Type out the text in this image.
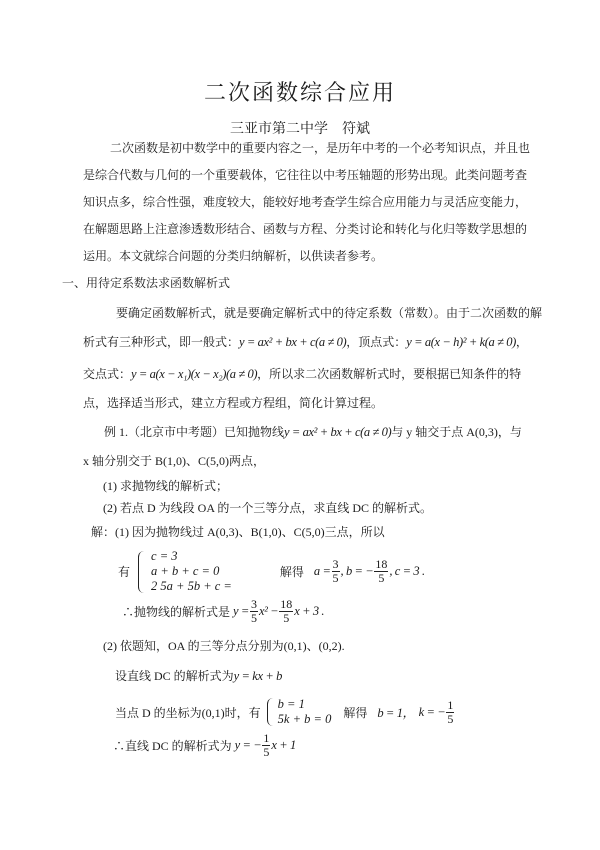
二次函数综合应用
三亚市第二中学　符斌
二次函数是初中数学中的重要内容之一，是历年中考的一个必考知识点，并且也
是综合代数与几何的一个重要载体，它往往以中考压轴题的形势出现。此类问题考查
知识点多，综合性强，难度较大，能较好地考查学生综合应用能力与灵活应变能力，
在解题思路上注意渗透数形结合、函数与方程、分类讨论和转化与化归等数学思想的
运用。本文就综合问题的分类归纳解析，以供读者参考。
一、用待定系数法求函数解析式
要确定函数解析式，就是要确定解析式中的待定系数（常数）。由于二次函数的解
析式有三种形式，即一般式：y = ax² + bx + c(a ≠ 0)，顶点式：y = a(x − h)² + k(a ≠ 0)，
交点式：y = a(x − x₁)(x − x₂)(a ≠ 0)，所以求二次函数解析式时，要根据已知条件的特
点，选择适当形式，建立方程或方程组，简化计算过程。
例 1.（北京市中考题）已知抛物线y = ax² + bx + c(a ≠ 0)与 y 轴交于点 A(0,3)，与
x 轴分别交于 B(1,0)、C(5,0)两点，
(1) 求抛物线的解析式；
(2) 若点 D 为线段 OA 的一个三等分点，求直线 DC 的解析式。
解：(1) 因为抛物线过 A(0,3)、B(1,0)、C(5,0)三点，所以
有
c = 3
a + b + c = 0
2 5a + 5b + c =
解得 $a = \frac{3}{5}$ , b = − $\frac{18}{5}$ , c = 3 .
∴抛物线的解析式是 $y = \frac{3}{5} x^2 - \frac{18}{5}$ x + 3 .
(2) 依题知，OA 的三等分点分别为(0,1)、(0,2).
设直线 DC 的解析式为y = kx + b
当点 D 的坐标为(0,1)时，有
b = 1
5k + b = 0 解得 b = 1， k = − $\frac{1}{5}$
∴直线 DC 的解析式为 y = − $\frac{1}{5}$ x + 1
